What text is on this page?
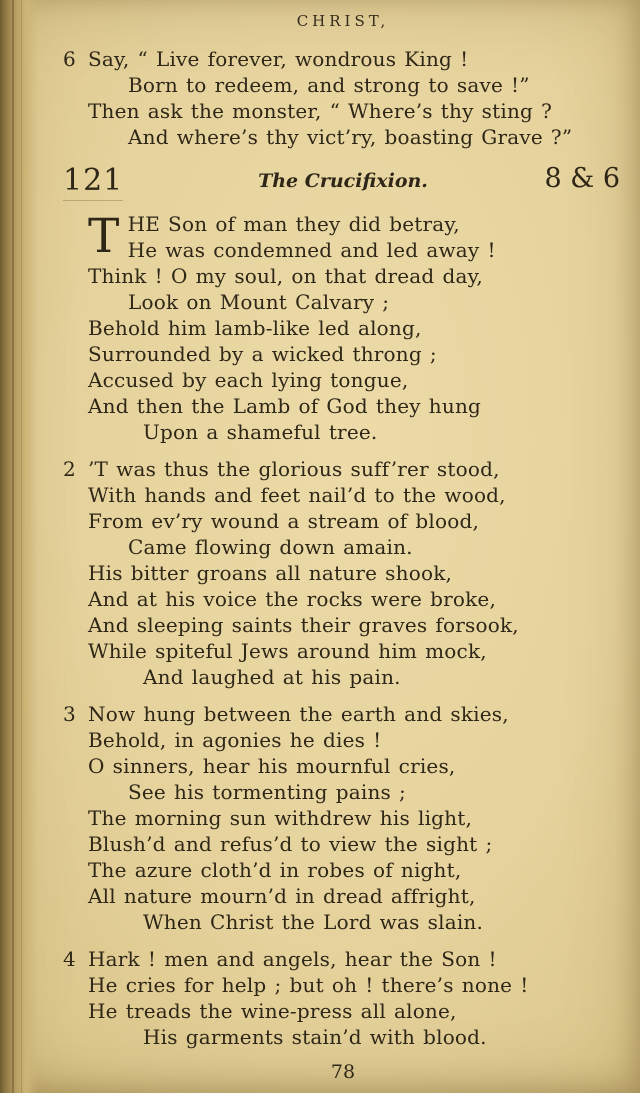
CHRIST,
6 Say, “ Live forever, wondrous King !
Born to redeem, and strong to save !”
Then ask the monster, “ Where’s thy sting ?
And where’s thy vict’ry, boasting Grave ?”
121	The Crucifixion.	8 & 6
T HE Son of man they did betray,
He was condemned and led away !
Think ! O my soul, on that dread day,
Look on Mount Calvary ;
Behold him lamb-like led along,
Surrounded by a wicked throng ;
Accused by each lying tongue,
And then the Lamb of God they hung
Upon a shameful tree.
2 ’T was thus the glorious suff’rer stood,
With hands and feet nail’d to the wood,
From ev’ry wound a stream of blood,
Came flowing down amain.
His bitter groans all nature shook,
And at his voice the rocks were broke,
And sleeping saints their graves forsook,
While spiteful Jews around him mock,
And laughed at his pain.
3 Now hung between the earth and skies,
Behold, in agonies he dies !
O sinners, hear his mournful cries,
See his tormenting pains ;
The morning sun withdrew his light,
Blush’d and refus’d to view the sight ;
The azure cloth’d in robes of night,
All nature mourn’d in dread affright,
When Christ the Lord was slain.
4 Hark ! men and angels, hear the Son !
He cries for help ; but oh ! there’s none !
He treads the wine-press all alone,
His garments stain’d with blood.
78
